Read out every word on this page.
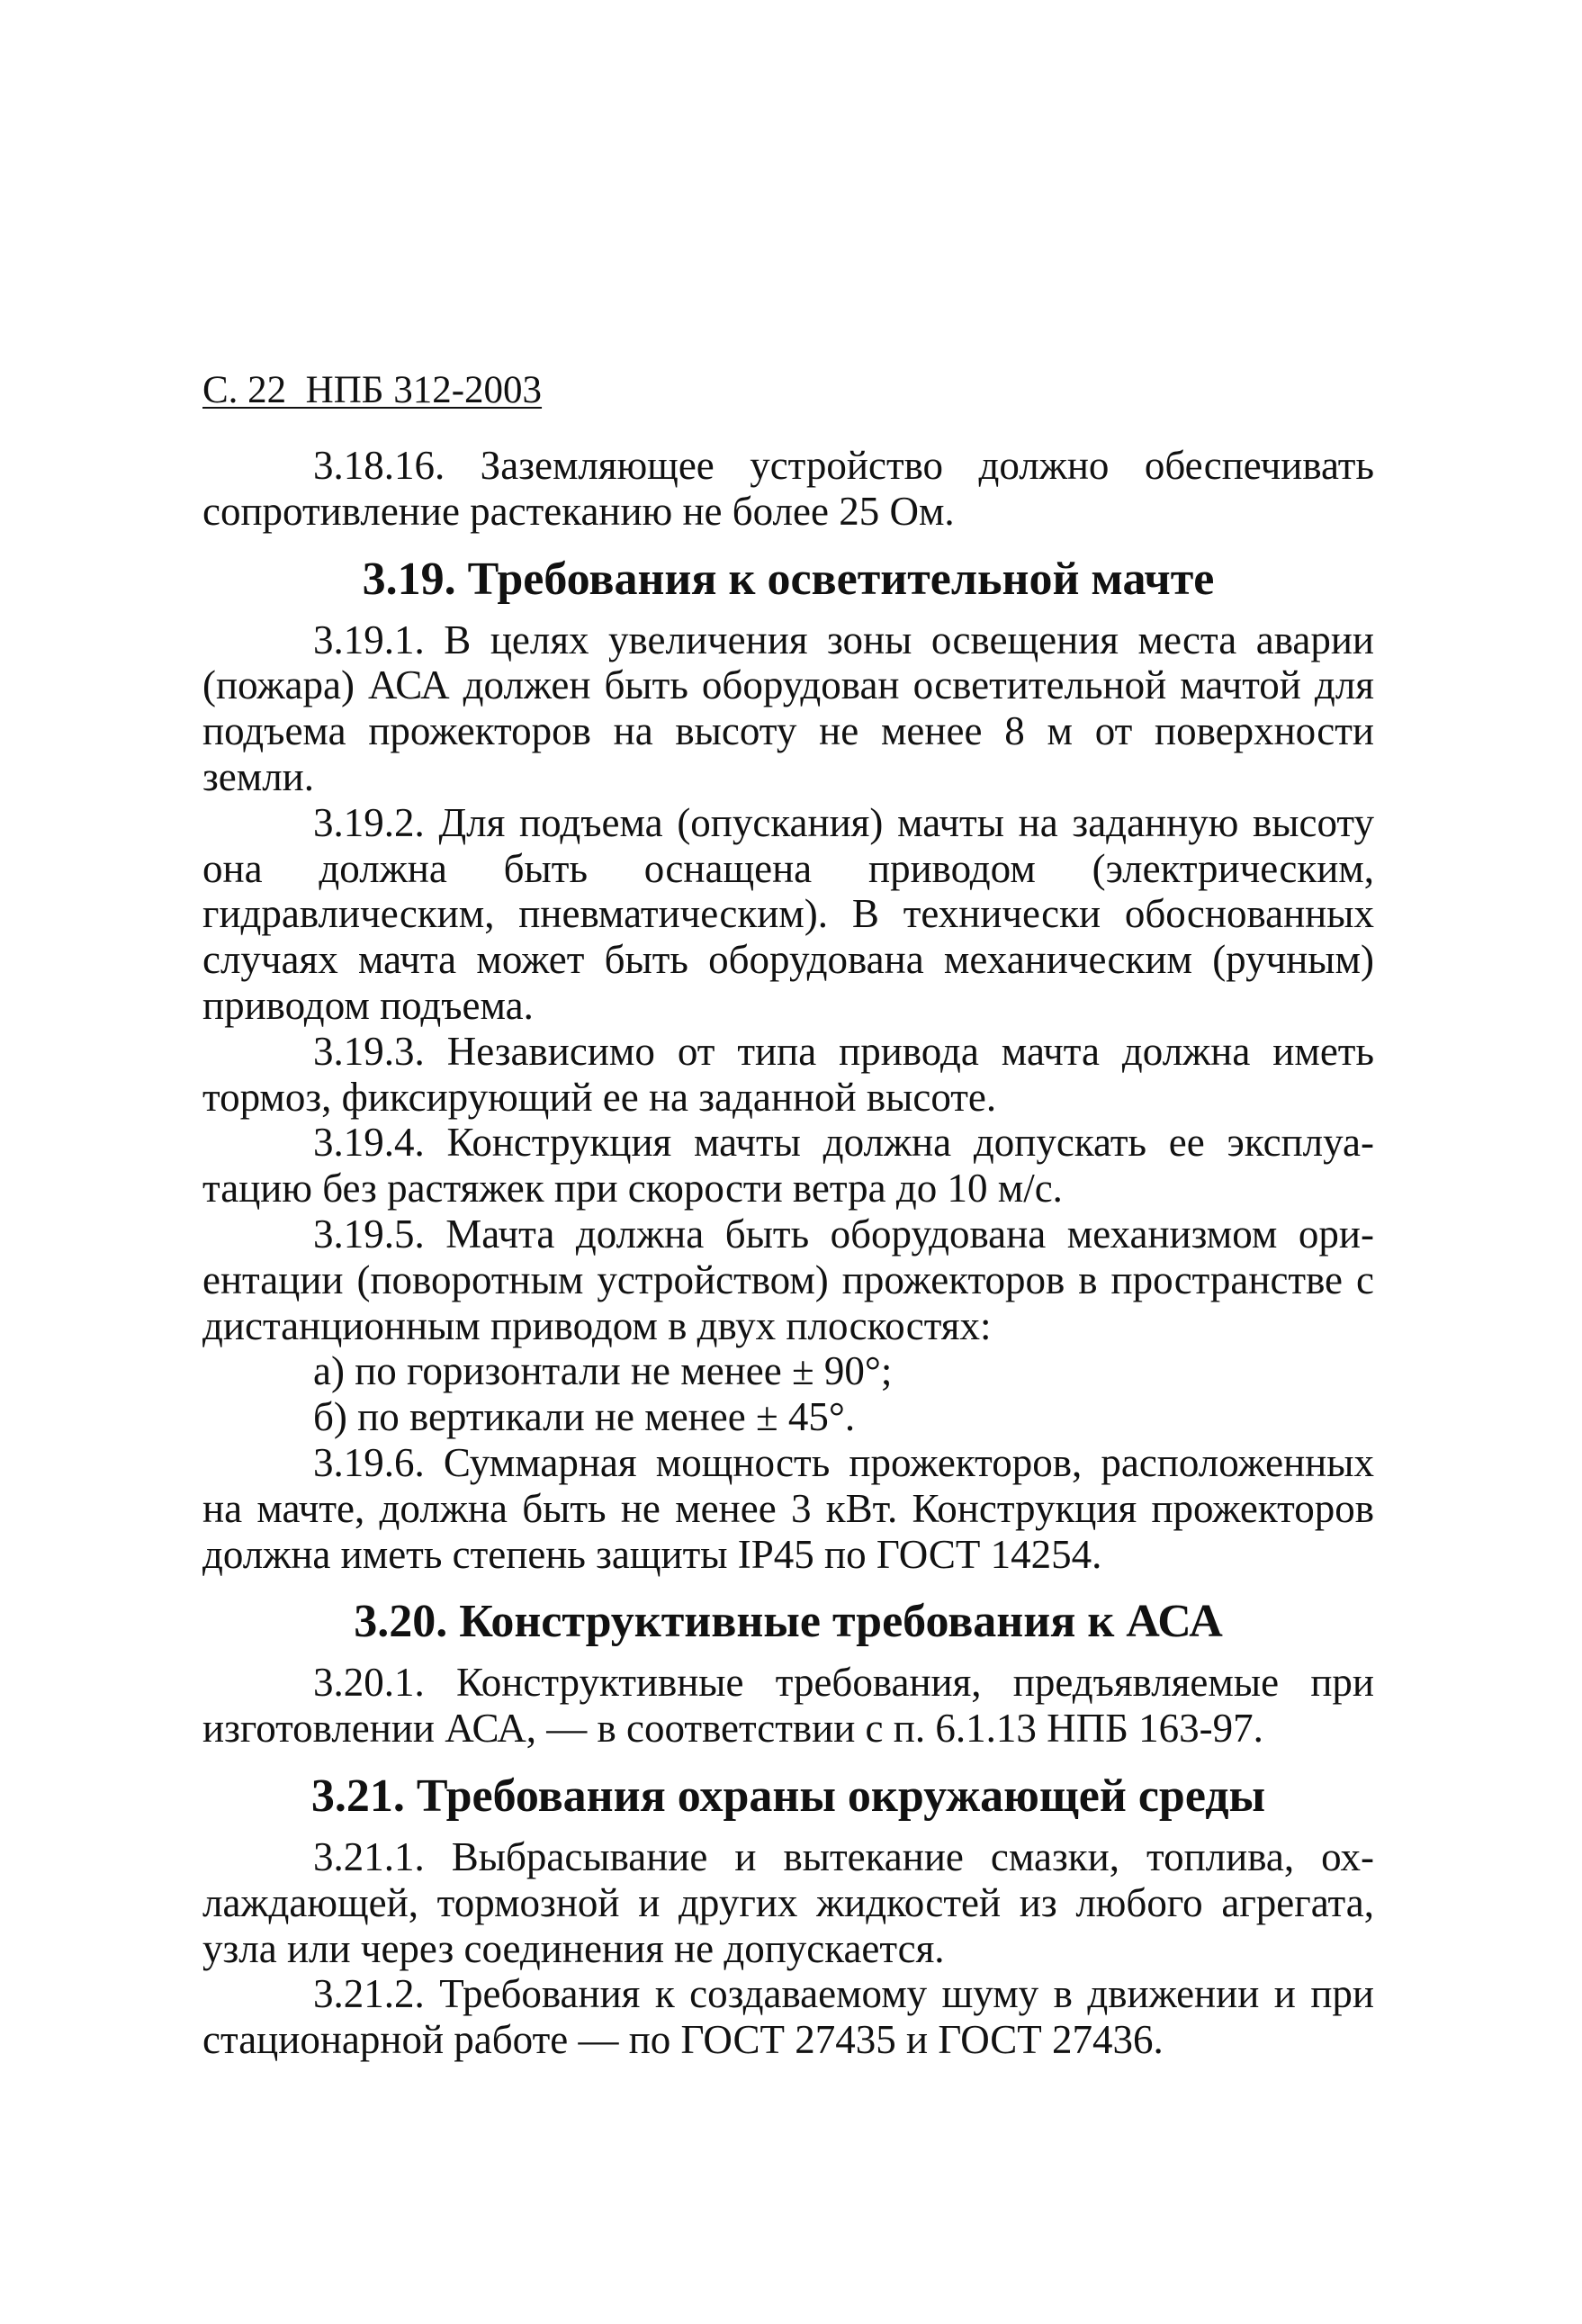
С. 22  НПБ 312-2003

3.18.16. Заземляющее устройство должно обеспечивать сопротивление растеканию не более 25 Ом.

3.19. Требования к осветительной мачте

3.19.1. В целях увеличения зоны освещения места аварии (пожара) АСА должен быть оборудован осветительной мачтой для подъема прожекторов на высоту не менее 8 м от поверхности земли.

3.19.2. Для подъема (опускания) мачты на заданную высоту она должна быть оснащена приводом (электрическим, гидравлическим, пневматическим). В технически обоснованных случаях мачта может быть оборудована механическим (ручным) приводом подъема.

3.19.3. Независимо от типа привода мачта должна иметь тормоз, фиксирующий ее на заданной высоте.

3.19.4. Конструкция мачты должна допускать ее эксплуатацию без растяжек при скорости ветра до 10 м/с.

3.19.5. Мачта должна быть оборудована механизмом ориентации (поворотным устройством) прожекторов в пространстве с дистанционным приводом в двух плоскостях:

а) по горизонтали не менее ± 90°;

б) по вертикали не менее ± 45°.

3.19.6. Суммарная мощность прожекторов, расположенных на мачте, должна быть не менее 3 кВт. Конструкция прожекторов должна иметь степень защиты IP45 по ГОСТ 14254.

3.20. Конструктивные требования к АСА

3.20.1. Конструктивные требования, предъявляемые при изготовлении АСА, — в соответствии с п. 6.1.13 НПБ 163-97.

3.21. Требования охраны окружающей среды

3.21.1. Выбрасывание и вытекание смазки, топлива, охлаждающей, тормозной и других жидкостей из любого агрегата, узла или через соединения не допускается.

3.21.2. Требования к создаваемому шуму в движении и при стационарной работе — по ГОСТ 27435 и ГОСТ 27436.
